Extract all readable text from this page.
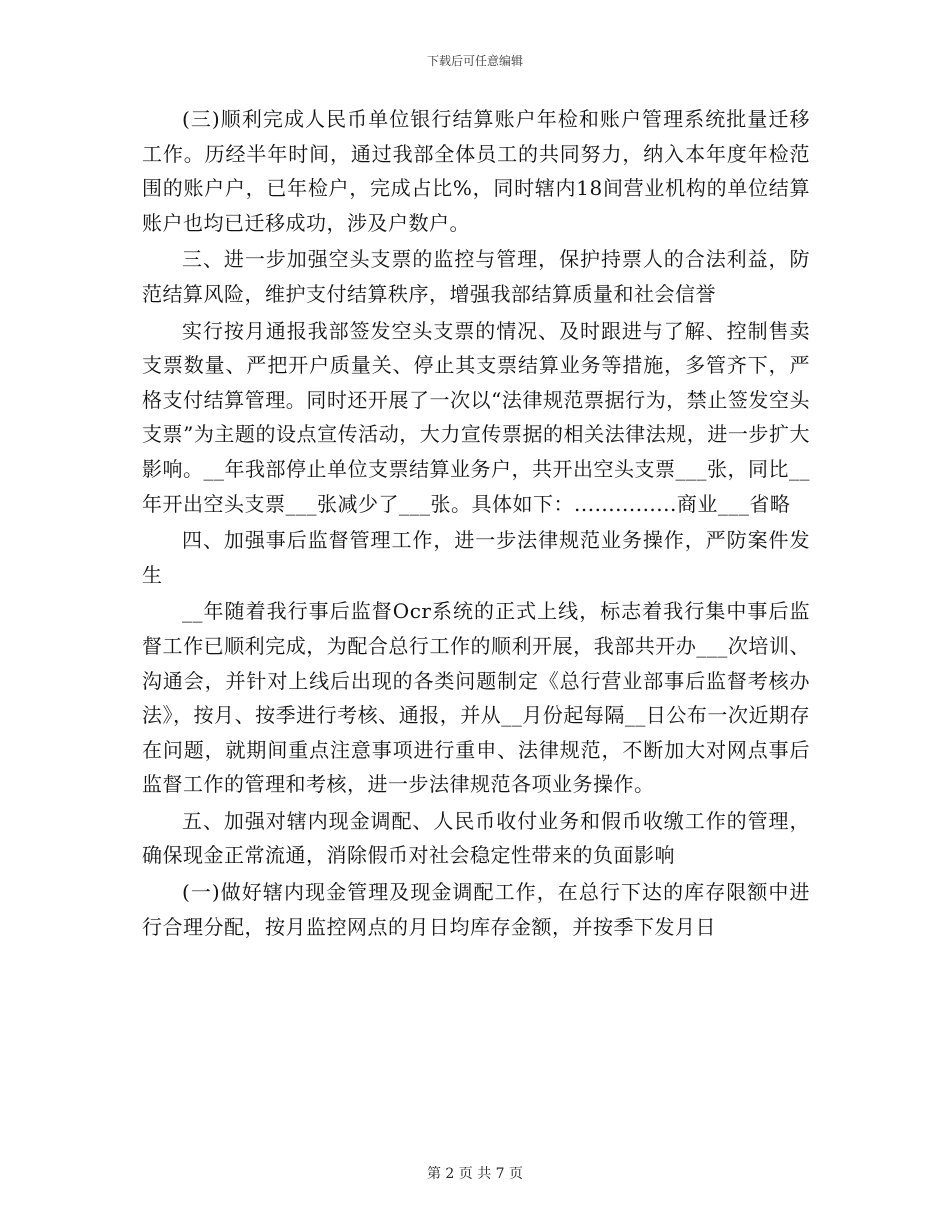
下载后可任意编辑

(三)顺利完成人民币单位银行结算账户年检和账户管理系统批量迁移工作。历经半年时间，通过我部全体员工的共同努力，纳入本年度年检范围的账户户，已年检户，完成占比%，同时辖内18间营业机构的单位结算账户也均已迁移成功，涉及户数户。

三、进一步加强空头支票的监控与管理，保护持票人的合法利益，防范结算风险，维护支付结算秩序，增强我部结算质量和社会信誉

实行按月通报我部签发空头支票的情况、及时跟进与了解、控制售卖支票数量、严把开户质量关、停止其支票结算业务等措施，多管齐下，严格支付结算管理。同时还开展了一次以“法律规范票据行为，禁止签发空头支票”为主题的设点宣传活动，大力宣传票据的相关法律法规，进一步扩大影响。__年我部停止单位支票结算业务户，共开出空头支票___张，同比__年开出空头支票___张减少了___张。具体如下：...............商业___省略

四、加强事后监督管理工作，进一步法律规范业务操作，严防案件发生

__年随着我行事后监督Ocr系统的正式上线，标志着我行集中事后监督工作已顺利完成，为配合总行工作的顺利开展，我部共开办___次培训、沟通会，并针对上线后出现的各类问题制定《总行营业部事后监督考核办法》，按月、按季进行考核、通报，并从__月份起每隔__日公布一次近期存在问题，就期间重点注意事项进行重申、法律规范，不断加大对网点事后监督工作的管理和考核，进一步法律规范各项业务操作。

五、加强对辖内现金调配、人民币收付业务和假币收缴工作的管理，确保现金正常流通，消除假币对社会稳定性带来的负面影响

(一)做好辖内现金管理及现金调配工作，在总行下达的库存限额中进行合理分配，按月监控网点的月日均库存金额，并按季下发月日

第 2 页 共 7 页
